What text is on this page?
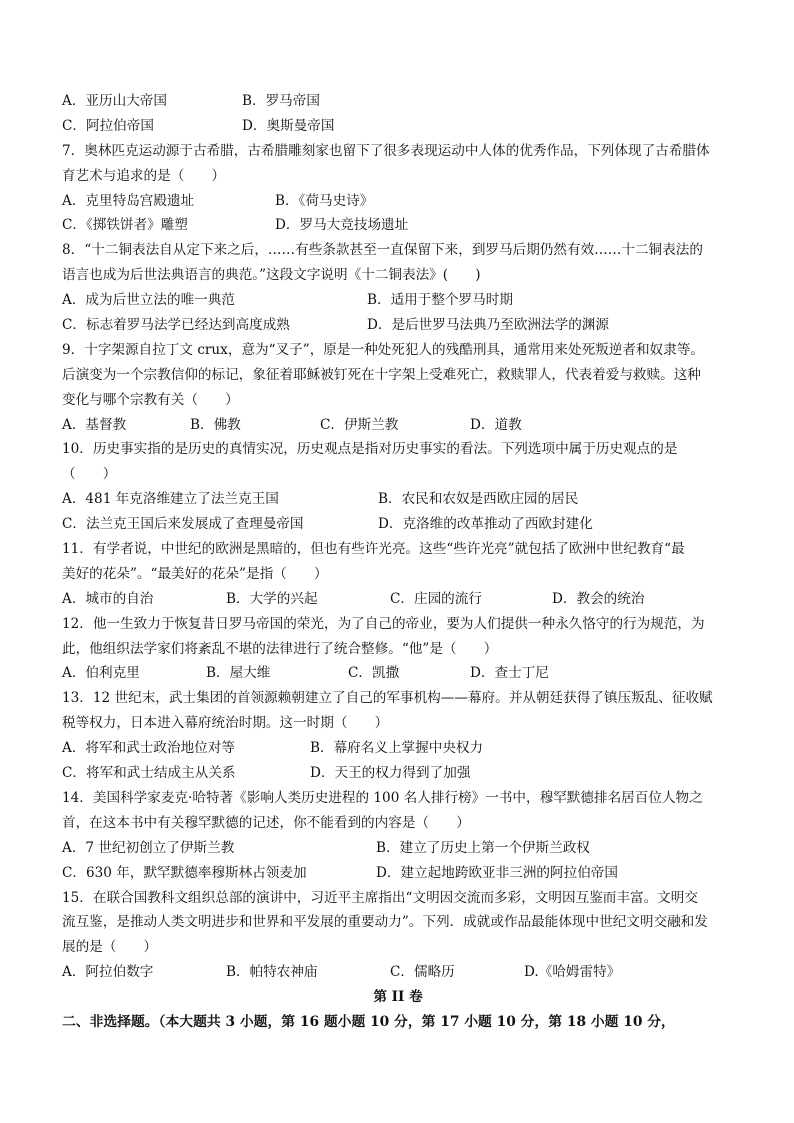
A．亚历山大帝国	B．罗马帝国
C．阿拉伯帝国	D．奥斯曼帝国
7．奥林匹克运动源于古希腊，古希腊雕刻家也留下了很多表现运动中人体的优秀作品，下列体现了古希腊体
育艺术与追求的是（　　）
A．克里特岛宫殿遗址	B．《荷马史诗》
C．《掷铁饼者》雕塑	D．罗马大竞技场遗址
8．“十二铜表法自从定下来之后，……有些条款甚至一直保留下来，到罗马后期仍然有效……十二铜表法的
语言也成为后世法典语言的典范。”这段文字说明《十二铜表法》(　　)
A．成为后世立法的唯一典范	B．适用于整个罗马时期
C．标志着罗马法学已经达到高度成熟	D．是后世罗马法典乃至欧洲法学的渊源
9．十字架源自拉丁文 crux，意为“叉子”，原是一种处死犯人的残酷刑具，通常用来处死叛逆者和奴隶等。
后演变为一个宗教信仰的标记，象征着耶稣被钉死在十字架上受难死亡，救赎罪人，代表着爱与救赎。这种
变化与哪个宗教有关（　　）
A．基督教	B．佛教	C．伊斯兰教	D．道教
10．历史事实指的是历史的真情实况，历史观点是指对历史事实的看法。下列选项中属于历史观点的是
（　　）
A．481 年克洛维建立了法兰克王国	B．农民和农奴是西欧庄园的居民
C．法兰克王国后来发展成了查理曼帝国	D．克洛维的改革推动了西欧封建化
11．有学者说，中世纪的欧洲是黑暗的，但也有些许光亮。这些“些许光亮”就包括了欧洲中世纪教育“最
美好的花朵”。“最美好的花朵”是指（　　）
A．城市的自治	B．大学的兴起	C．庄园的流行	D．教会的统治
12．他一生致力于恢复昔日罗马帝国的荣光，为了自己的帝业，要为人们提供一种永久恪守的行为规范，为
此，他组织法学家们将紊乱不堪的法律进行了统合整修。“他”是（　　）
A．伯利克里	B．屋大维	C．凯撒	D．查士丁尼
13．12 世纪末，武士集团的首领源赖朝建立了自己的军事机构——幕府。并从朝廷获得了镇压叛乱、征收赋
税等权力，日本进入幕府统治时期。这一时期（　　）
A．将军和武士政治地位对等	B．幕府名义上掌握中央权力
C．将军和武士结成主从关系	D．天王的权力得到了加强
14．美国科学家麦克·哈特著《影响人类历史进程的 100 名人排行榜》一书中，穆罕默德排名居百位人物之
首，在这本书中有关穆罕默德的记述，你不能看到的内容是（　　）
A．7 世纪初创立了伊斯兰教	B．建立了历史上第一个伊斯兰政权
C．630 年，默罕默德率穆斯林占领麦加	D．建立起地跨欧亚非三洲的阿拉伯帝国
15．在联合国教科文组织总部的演讲中，习近平主席指出“文明因交流而多彩，文明因互鉴而丰富。文明交
流互鉴，是推动人类文明进步和世界和平发展的重要动力”。下列．成就或作品最能体现中世纪文明交融和发
展的是（　　）
A．阿拉伯数字	B．帕特农神庙	C．儒略历	D.《哈姆雷特》
第 II 卷
二、非选择题。（本大题共 3 小题，第 16 题小题 10 分，第 17 小题 10 分，第 18 小题 10 分，
